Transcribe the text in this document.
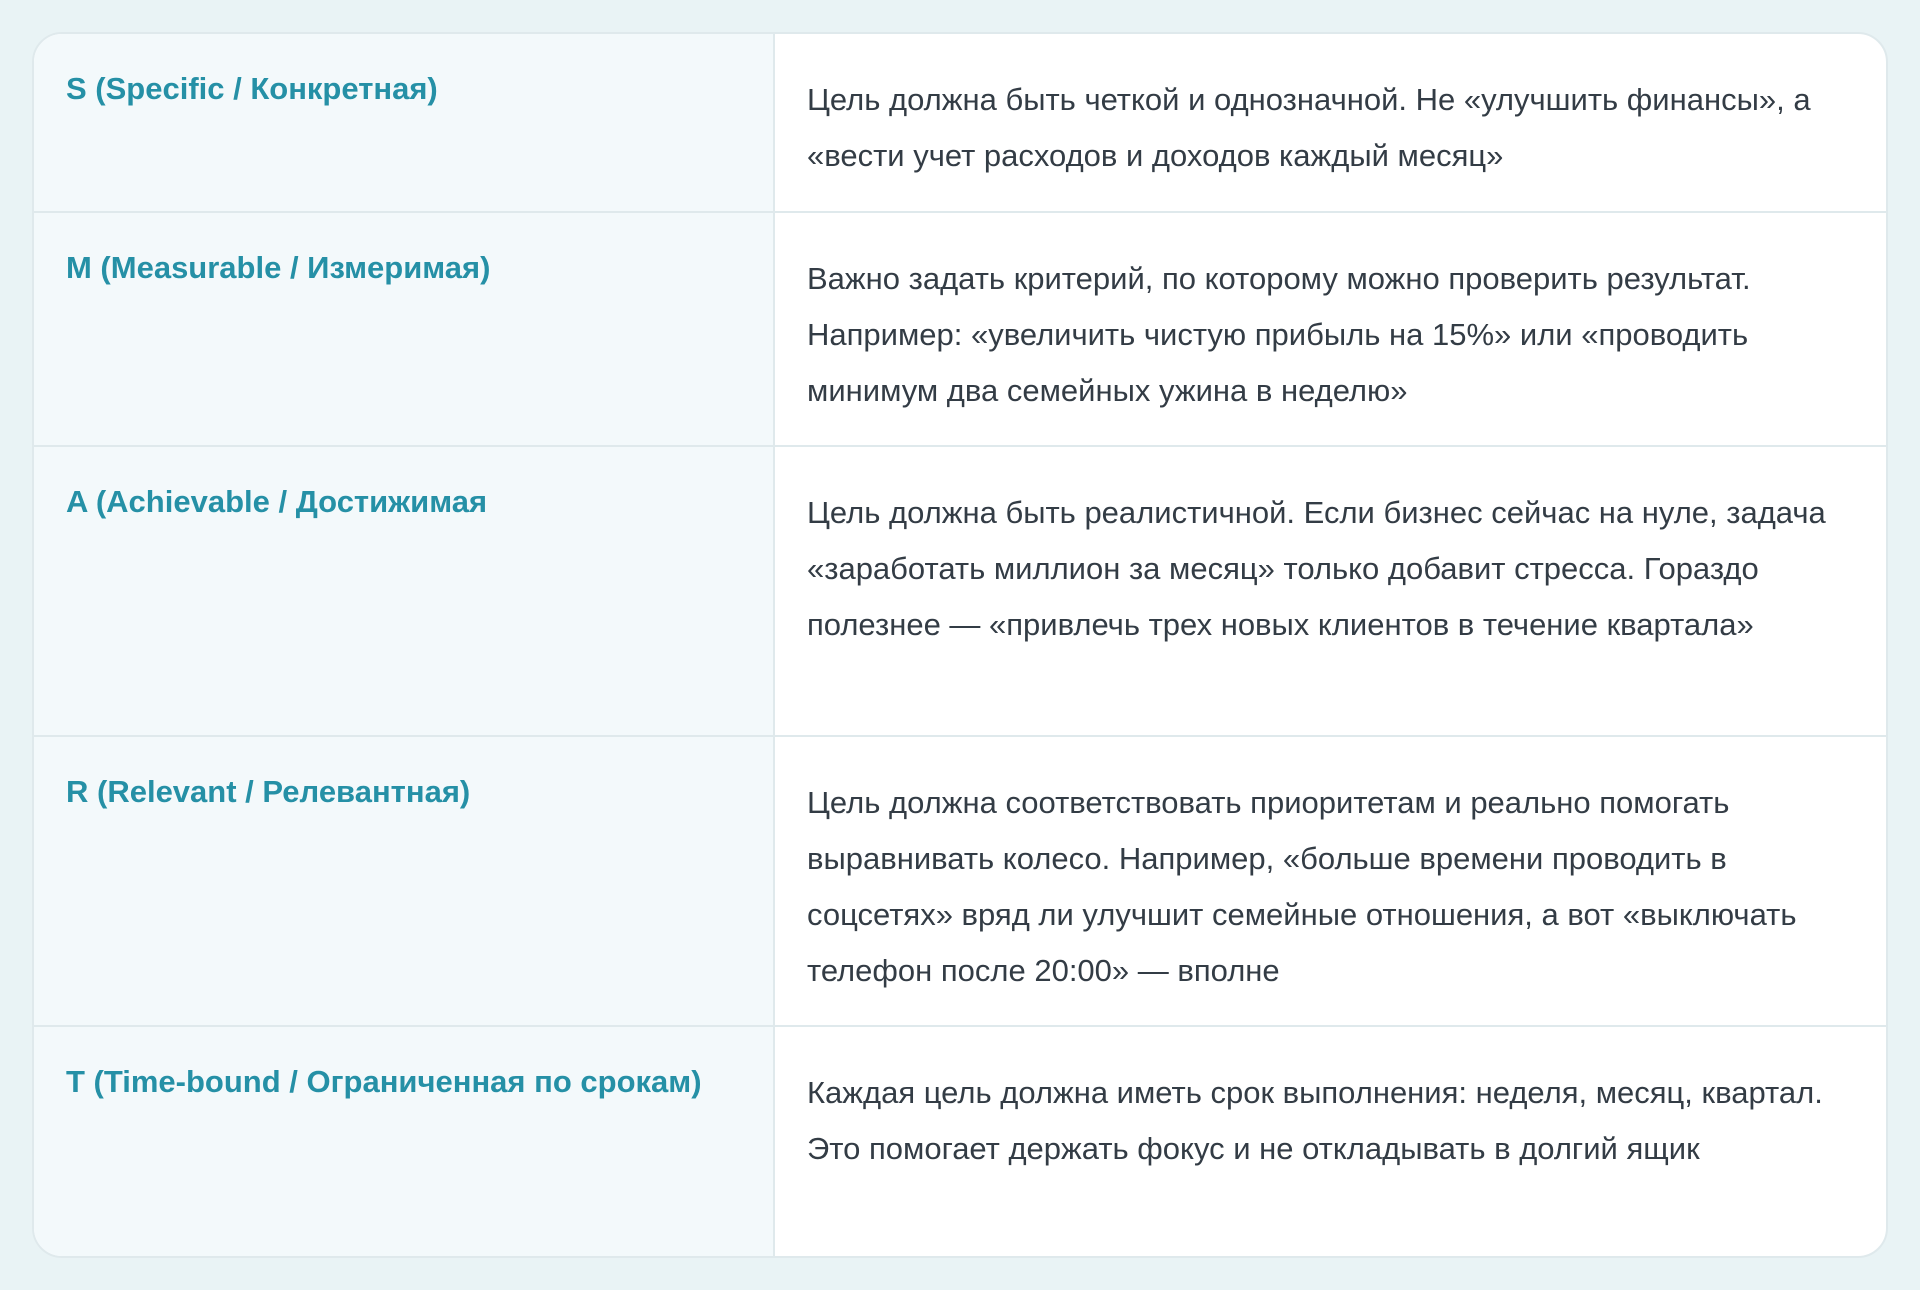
S (Specific / Конкретная)	Цель должна быть четкой и однозначной. Не «улучшить финансы», а «вести учет расходов и доходов каждый месяц»

M (Measurable / Измеримая)	Важно задать критерий, по которому можно проверить результат. Например: «увеличить чистую прибыль на 15%» или «проводить минимум два семейных ужина в неделю»

A (Achievable / Достижимая	Цель должна быть реалистичной. Если бизнес сейчас на нуле, задача «заработать миллион за месяц» только добавит стресса. Гораздо полезнее — «привлечь трех новых клиентов в течение квартала»

R (Relevant / Релевантная)	Цель должна соответствовать приоритетам и реально помогать выравнивать колесо. Например, «больше времени проводить в соцсетях» вряд ли улучшит семейные отношения, а вот «выключать телефон после 20:00» — вполне

T (Time-bound / Ограниченная по срокам)	Каждая цель должна иметь срок выполнения: неделя, месяц, квартал. Это помогает держать фокус и не откладывать в долгий ящик
